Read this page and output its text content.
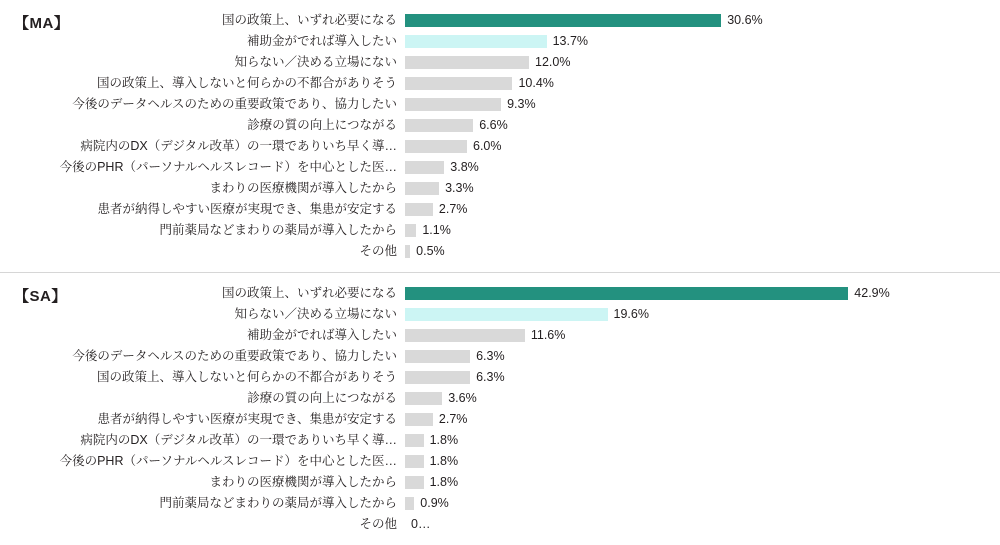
【MA】	国の政策上、いずれ必要になる	30.6%
補助金がでれば導入したい	13.7%
知らない／決める立場にない	12.0%
国の政策上、導入しないと何らかの不都合がありそう	10.4%
今後のデータヘルスのための重要政策であり、協力したい	9.3%
診療の質の向上につながる	6.6%
病院内のDX（デジタル改革）の一環でありいち早く導…	6.0%
今後のPHR（パーソナルヘルスレコード）を中心とした医…	3.8%
まわりの医療機関が導入したから	3.3%
患者が納得しやすい医療が実現でき、集患が安定する	2.7%
門前薬局などまわりの薬局が導入したから	1.1%
その他	0.5%
【SA】	国の政策上、いずれ必要になる	42.9%
知らない／決める立場にない	19.6%
補助金がでれば導入したい	11.6%
今後のデータヘルスのための重要政策であり、協力したい	6.3%
国の政策上、導入しないと何らかの不都合がありそう	6.3%
診療の質の向上につながる	3.6%
患者が納得しやすい医療が実現でき、集患が安定する	2.7%
病院内のDX（デジタル改革）の一環でありいち早く導…	1.8%
今後のPHR（パーソナルヘルスレコード）を中心とした医…	1.8%
まわりの医療機関が導入したから	1.8%
門前薬局などまわりの薬局が導入したから	0.9%
その他	0…
